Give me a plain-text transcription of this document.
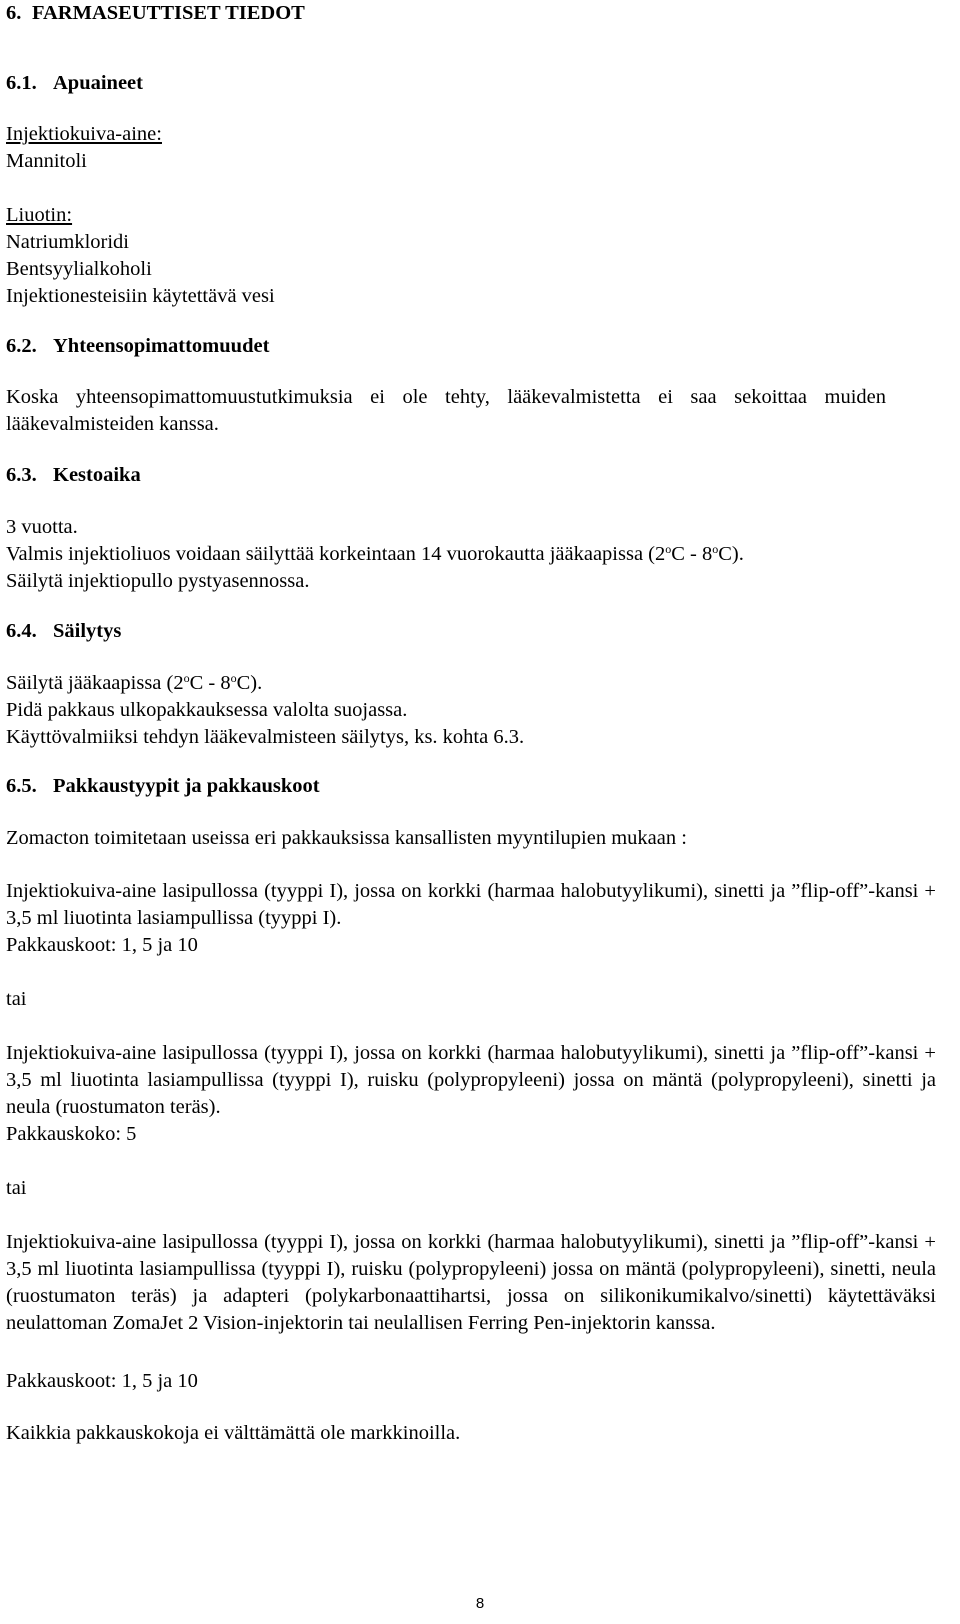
6. FARMASEUTTISET TIEDOT
6.1. Apuaineet
Injektiokuiva-aine:
Mannitoli
Liuotin:
Natriumkloridi
Bentsyylialkoholi
Injektionesteisiin käytettävä vesi
6.2. Yhteensopimattomuudet
Koska yhteensopimattomuustutkimuksia ei ole tehty, lääkevalmistetta ei saa sekoittaa muiden lääkevalmisteiden kanssa.
6.3. Kestoaika
3 vuotta.
Valmis injektioliuos voidaan säilyttää korkeintaan 14 vuorokautta jääkaapissa (2$^o$C - 8$^o$C).
Säilytä injektiopullo pystyasennossa.
6.4. Säilytys
Säilytä jääkaapissa (2$^o$C - 8$^o$C).
Pidä pakkaus ulkopakkauksessa valolta suojassa.
Käyttövalmiiksi tehdyn lääkevalmisteen säilytys, ks. kohta 6.3.
6.5. Pakkaustyypit ja pakkauskoot
Zomacton toimitetaan useissa eri pakkauksissa kansallisten myyntilupien mukaan :
Injektiokuiva-aine lasipullossa (tyyppi I), jossa on korkki (harmaa halobutyylikumi), sinetti ja ”flip-off”-kansi + 3,5 ml liuotinta lasiampullissa (tyyppi I).
Pakkauskoot: 1, 5 ja 10
tai
Injektiokuiva-aine lasipullossa (tyyppi I), jossa on korkki (harmaa halobutyylikumi), sinetti ja ”flip-off”-kansi + 3,5 ml liuotinta lasiampullissa (tyyppi I), ruisku (polypropyleeni) jossa on mäntä (polypropyleeni), sinetti ja neula (ruostumaton teräs).
Pakkauskoko: 5
tai
Injektiokuiva-aine lasipullossa (tyyppi I), jossa on korkki (harmaa halobutyylikumi), sinetti ja ”flip-off”-kansi + 3,5 ml liuotinta lasiampullissa (tyyppi I), ruisku (polypropyleeni) jossa on mäntä (polypropyleeni), sinetti, neula (ruostumaton teräs) ja adapteri (polykarbonaattihartsi, jossa on silikonikumikalvo/sinetti) käytettäväksi neulattoman ZomaJet 2 Vision-injektorin tai neulallisen Ferring Pen-injektorin kanssa.
Pakkauskoot: 1, 5 ja 10
Kaikkia pakkauskokoja ei välttämättä ole markkinoilla.
8
